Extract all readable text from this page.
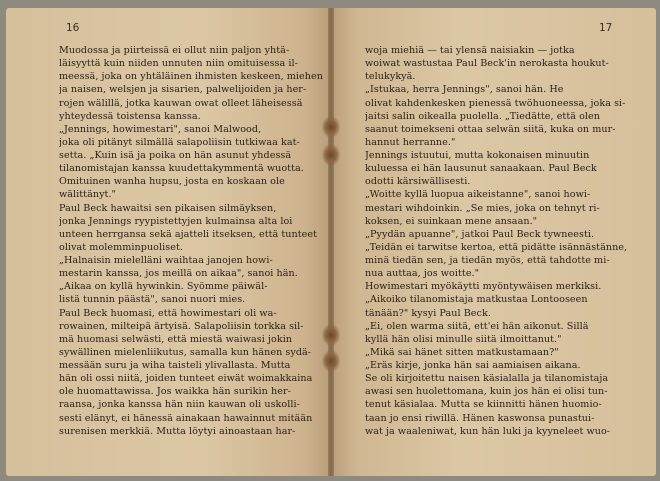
Muodossa ja piirteissä ei ollut niin paljon yhtä-
läisyyttä kuin niiden unnuten niin omituisessa il-
meessä, joka on yhtäläinen ihmisten keskeen, miehen
ja naisen, welsjen ja sisarien, palwelijoiden ja her-
rojen wälillä, jotka kauwan owat olleet läheisessä
yhteydessä toistensa kanssa.
„Jennings, howimestari", sanoi Malwood,
joka oli pitänyt silmällä salapoliisin tutkiwaa kat-
setta. „Kuin isä ja poika on hän asunut yhdessä
tilanomistajan kanssa kuudettakymmentä wuotta.
Omituinen wanha hupsu, josta en koskaan ole
wälittänyt."
Paul Beck hawaitsi sen pikaisen silmäyksen,
jonka Jennings ryypistettyjen kulmainsa alta loi
unteen herrgansa sekä ajatteli itseksen, että tunteet
olivat molemminpuoliset.
„Halnaisin mielelläni waihtaa janojen howi-
mestarin kanssa, jos meillä on aikaa", sanoi hän.
„Aikaa on kyllä hywinkin. Syömme päiwäl-
listä tunnin päästä", sanoi nuori mies.
Paul Beck huomasi, että howimestari oli wa-
rowainen, milteipä ärtyisä. Salapoliisin torkka sil-
mä huomasi selwästi, että miestä waiwasi jokin
sywällinen mielenliikutus, samalla kun hänen sydä-
messään suru ja wiha taisteli ylivallasta. Mutta
hän oli ossi niitä, joiden tunteet eiwät woimakkaina
ole huomattawissa. Jos waikka hän surikin her-
raansa, jonka kanssa hän niin kauwan oli uskolli-
sesti elänyt, ei hänessä ainakaan hawainnut mitään
surenisen merkkiä. Mutta löytyi ainoastaan har-
woja miehiä — tai ylensä naisiakin — jotka
woiwat wastustaa Paul Beck'in nerokasta houkut-
telukykyä.
„Istukaa, herra Jennings", sanoi hän. He
olivat kahdenkesken pienessä twöhuoneessa, joka si-
jaitsi salin oikealla puolella. „Tiedätte, että olen
saanut toimekseni ottaa selwän siitä, kuka on mur-
hannut herranne."
Jennings istuutui, mutta kokonaisen minuutin
kuluessa ei hän lausunut sanaakaan. Paul Beck
odotti kärsiwällisesti.
„Woitte kyllä luopua aikeistanne", sanoi howi-
mestari wihdoinkin. „Se mies, joka on tehnyt ri-
koksen, ei suinkaan mene ansaan."
„Pyydän apuanne", jatkoi Paul Beck tywneesti.
„Teidän ei tarwitse kertoa, että pidätte isännästänne,
minä tiedän sen, ja tiedän myös, että tahdotte mi-
nua auttaa, jos woitte."
Howimestari myökäytti myöntywäisen merkiksi.
„Aikoiko tilanomistaja matkustaa Lontooseen
tänään?" kysyi Paul Beck.
„Ei, olen warma siitä, ett'ei hän aikonut. Sillä
kyllä hän olisi minulle siitä ilmoittanut."
„Mikä sai hänet sitten matkustamaan?"
„Eräs kirje, jonka hän sai aamiaisen aikana.
Se oli kirjoitettu naisen käsialalla ja tilanomistaja
awasi sen huolettomana, kuin jos hän ei olisi tun-
tenut käsialaa. Mutta se kiinnitti hänen huomio-
taan jo ensi riwillä. Hänen kaswonsa punastui-
wat ja waaleniwat, kun hän luki ja kyyneleet wuo-
16	17
